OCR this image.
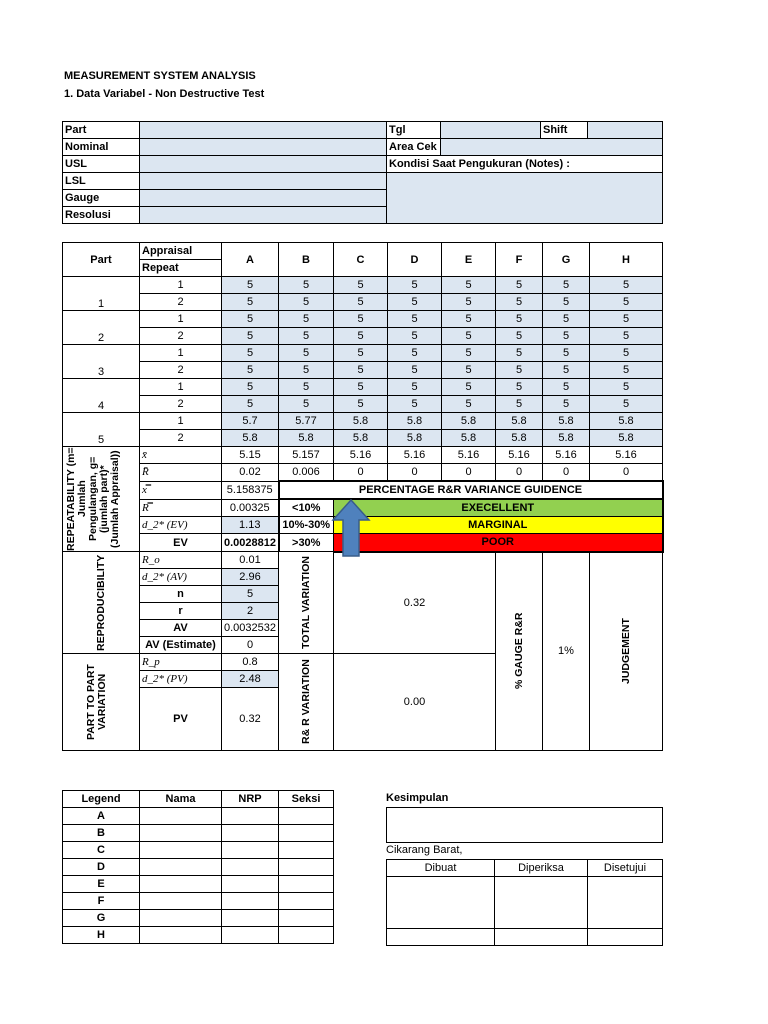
MEASUREMENT SYSTEM ANALYSIS
1. Data Variabel - Non Destructive Test
Part		Tgl		Shift	
Nominal		Area Cek			
USL		Kondisi Saat Pengukuran (Notes) :			
LSL					
Gauge					
Resolusi					
Part	Appraisal	A	B	C	D	E	F	G	H	
	Repeat									
1	1	5	5	5	5	5	5	5	5	
	2	5	5	5	5	5	5	5	5	
2	1	5	5	5	5	5	5	5	5	
	2	5	5	5	5	5	5	5	5	
3	1	5	5	5	5	5	5	5	5	
	2	5	5	5	5	5	5	5	5	
4	1	5	5	5	5	5	5	5	5	
	2	5	5	5	5	5	5	5	5	
5	1	5.7	5.77	5.8	5.8	5.8	5.8	5.8	5.8	
	2	5.8	5.8	5.8	5.8	5.8	5.8	5.8	5.8	

REPEATABILITY (m= Jumlah Pengulangan, g= (jumlah part)* (Jumlah Appraisal))	x̄	5.15	5.157	5.16	5.16	5.16	5.16	5.16	5.16	
	R̄	0.02	0.006	0	0	0	0	0	0	
	x̿	5.158375	PERCENTAGE R&R VARIANCE GUIDENCE							
	R̿	0.00325	<10%	EXECELLENT						
	d_2* (EV)	1.13	10%-30%	MARGINAL						
	EV	0.0028812	>30%	POOR						

REPRODUCIBILITY	R_o	0.01	TOTAL VARIATION	0.32			% GAUGE R&R	1%	JUDGEMENT

	d_2* (AV)	2.96								
	n	5								
	r	2								
	AV	0.0032532								
	AV (Estimate)	0								

PART TO PART VARIATION	R_p	0.8	R& R VARIATION	0.00						
	d_2* (PV)	2.48								
	PV	0.32								

Legend	Nama	NRP	Seksi
A			
B			
C			
D			
E			
F			
G			
H			
Kesimpulan
Cikarang Barat,
Dibuat	Diperiksa	Disetujui
